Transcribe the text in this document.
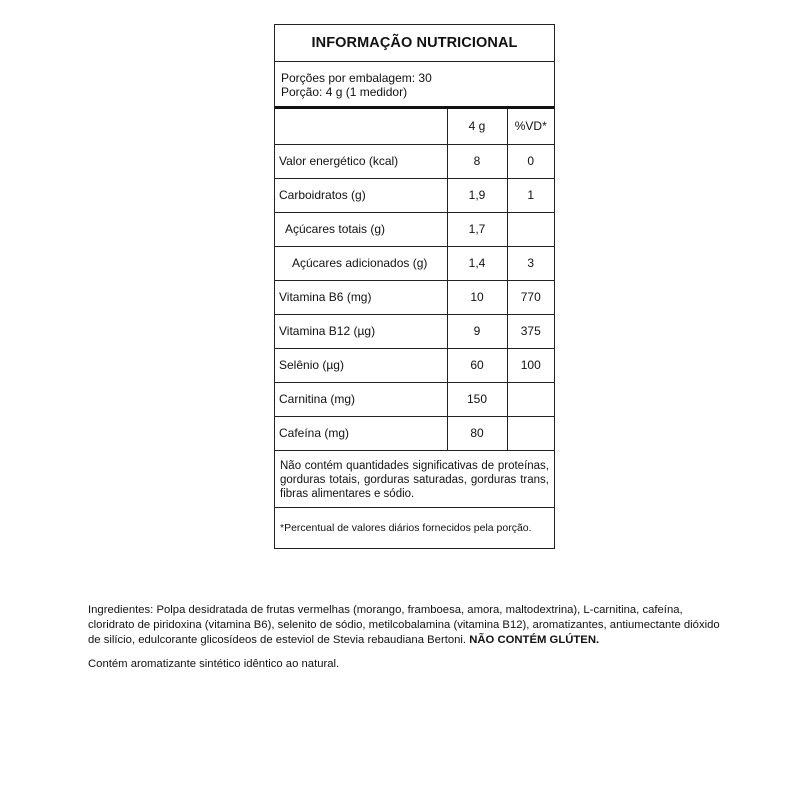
INFORMAÇÃO NUTRICIONAL
Porções por embalagem: 30
Porção: 4 g (1 medidor)
	4 g	%VD*
Valor energético (kcal)	8	0
Carboidratos (g)	1,9	1
Açúcares totais (g)	1,7	
Açúcares adicionados (g)	1,4	3
Vitamina B6 (mg)	10	770
Vitamina B12 (µg)	9	375
Selênio (µg)	60	100
Carnitina (mg)	150	
Cafeína (mg)	80	
Não contém quantidades significativas de proteínas, gorduras totais, gorduras saturadas, gorduras trans, fibras alimentares e sódio.
*Percentual de valores diários fornecidos pela porção.
Ingredientes: Polpa desidratada de frutas vermelhas (morango, framboesa, amora, maltodextrina), L-carnitina, cafeína, cloridrato de piridoxina (vitamina B6), selenito de sódio, metilcobalamina (vitamina B12), aromatizantes, antiumectante dióxido de silício, edulcorante glicosídeos de esteviol de Stevia rebaudiana Bertoni. NÃO CONTÉM GLÚTEN.
Contém aromatizante sintético idêntico ao natural.
